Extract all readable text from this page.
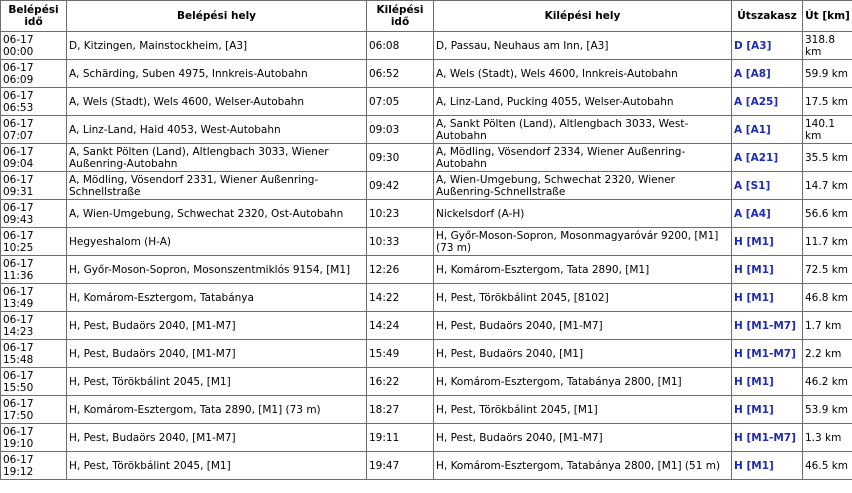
Belépési idő	Belépési hely	Kilépési idő	Kilépési hely	Útszakasz	Út [km]
06-17 00:00	D, Kitzingen, Mainstockheim, [A3]	06:08	D, Passau, Neuhaus am Inn, [A3]	D [A3]	318.8 km
06-17 06:09	A, Schärding, Suben 4975, Innkreis-Autobahn	06:52	A, Wels (Stadt), Wels 4600, Innkreis-Autobahn	A [A8]	59.9 km
06-17 06:53	A, Wels (Stadt), Wels 4600, Welser-Autobahn	07:05	A, Linz-Land, Pucking 4055, Welser-Autobahn	A [A25]	17.5 km
06-17 07:07	A, Linz-Land, Haid 4053, West-Autobahn	09:03	A, Sankt Pölten (Land), Altlengbach 3033, West-Autobahn	A [A1]	140.1 km
06-17 09:04	A, Sankt Pölten (Land), Altlengbach 3033, Wiener Außenring-Autobahn	09:30	A, Mödling, Vösendorf 2334, Wiener Außenring-Autobahn	A [A21]	35.5 km
06-17 09:31	A, Mödling, Vösendorf 2331, Wiener Außenring-Schnellstraße	09:42	A, Wien-Umgebung, Schwechat 2320, Wiener Außenring-Schnellstraße	A [S1]	14.7 km
06-17 09:43	A, Wien-Umgebung, Schwechat 2320, Ost-Autobahn	10:23	Nickelsdorf (A-H)	A [A4]	56.6 km
06-17 10:25	Hegyeshalom (H-A)	10:33	H, Győr-Moson-Sopron, Mosonmagyaróvár 9200, [M1] (73 m)	H [M1]	11.7 km
06-17 11:36	H, Győr-Moson-Sopron, Mosonszentmiklós 9154, [M1]	12:26	H, Komárom-Esztergom, Tata 2890, [M1]	H [M1]	72.5 km
06-17 13:49	H, Komárom-Esztergom, Tatabánya	14:22	H, Pest, Törökbálint 2045, [8102]	H [M1]	46.8 km
06-17 14:23	H, Pest, Budaörs 2040, [M1-M7]	14:24	H, Pest, Budaörs 2040, [M1-M7]	H [M1-M7]	1.7 km
06-17 15:48	H, Pest, Budaörs 2040, [M1-M7]	15:49	H, Pest, Budaörs 2040, [M1]	H [M1-M7]	2.2 km
06-17 15:50	H, Pest, Törökbálint 2045, [M1]	16:22	H, Komárom-Esztergom, Tatabánya 2800, [M1]	H [M1]	46.2 km
06-17 17:50	H, Komárom-Esztergom, Tata 2890, [M1] (73 m)	18:27	H, Pest, Törökbálint 2045, [M1]	H [M1]	53.9 km
06-17 19:10	H, Pest, Budaörs 2040, [M1-M7]	19:11	H, Pest, Budaörs 2040, [M1-M7]	H [M1-M7]	1.3 km
06-17 19:12	H, Pest, Törökbálint 2045, [M1]	19:47	H, Komárom-Esztergom, Tatabánya 2800, [M1] (51 m)	H [M1]	46.5 km
